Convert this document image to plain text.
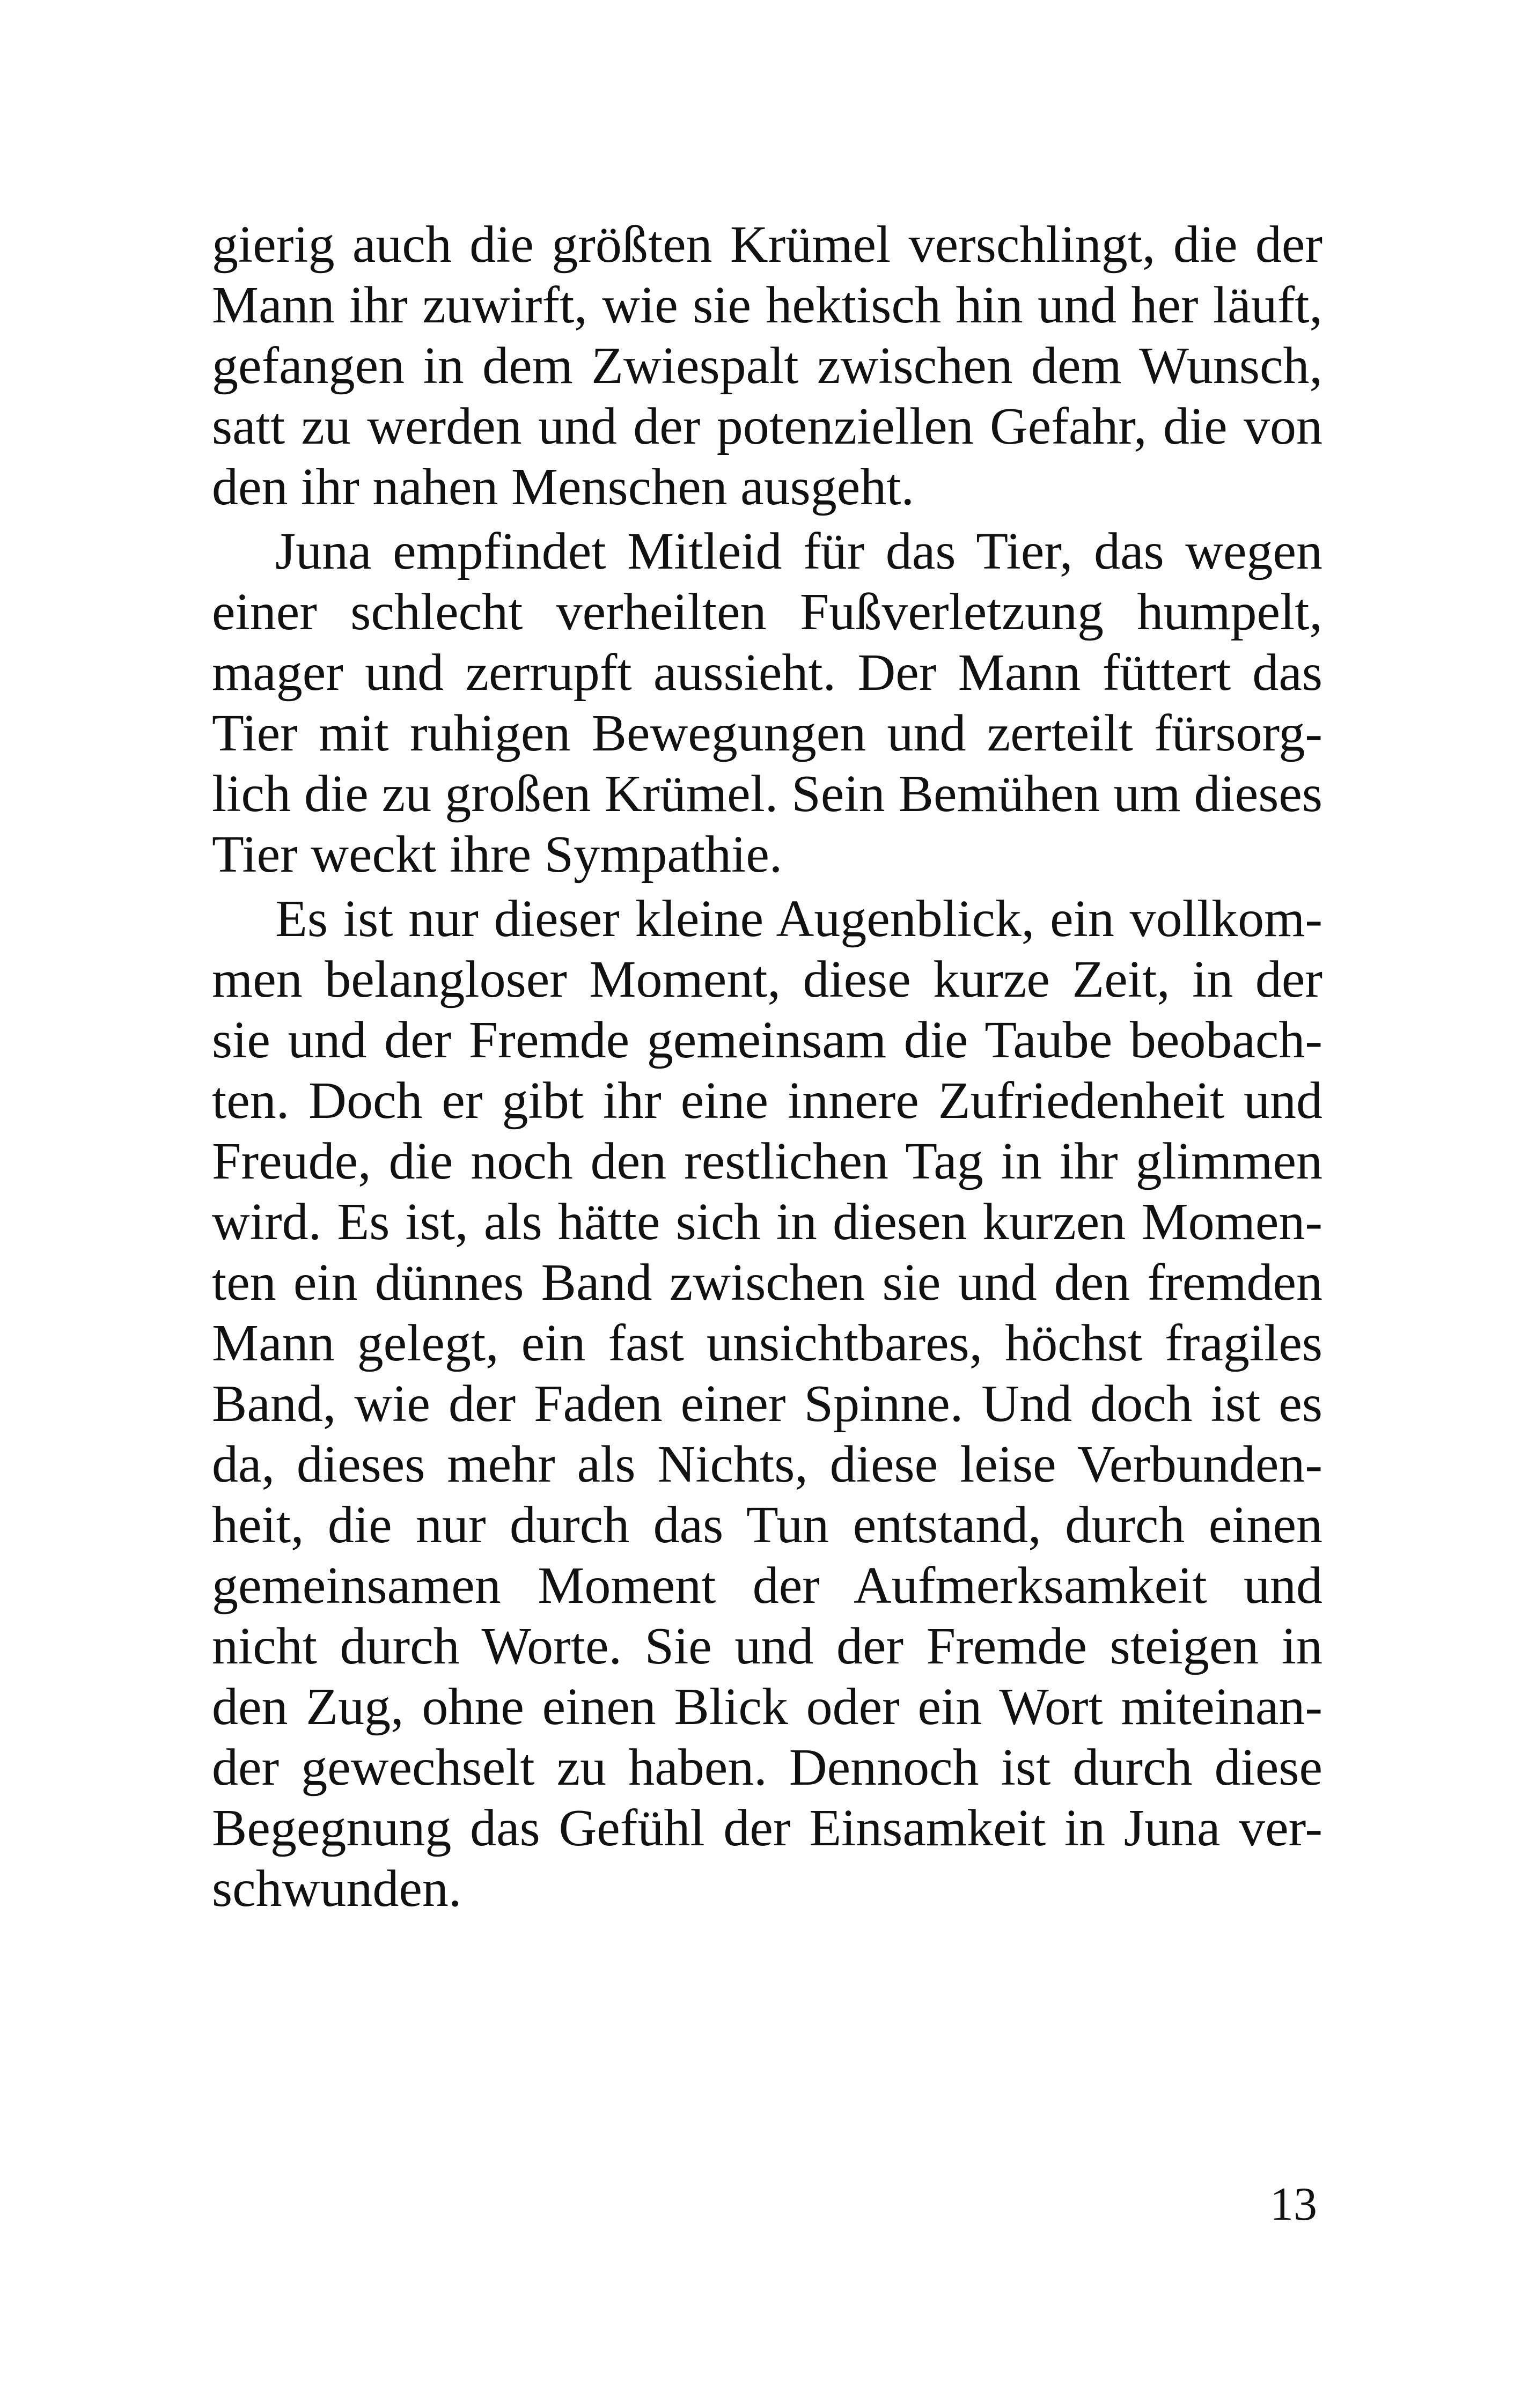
gierig auch die größten Krümel verschlingt, die der
Mann ihr zuwirft, wie sie hektisch hin und her läuft,
gefangen in dem Zwiespalt zwischen dem Wunsch,
satt zu werden und der potenziellen Gefahr, die von
den ihr nahen Menschen ausgeht.
Juna empfindet Mitleid für das Tier, das wegen
einer schlecht verheilten Fußverletzung humpelt,
mager und zerrupft aussieht. Der Mann füttert das
Tier mit ruhigen Bewegungen und zerteilt fürsorg-
lich die zu großen Krümel. Sein Bemühen um dieses
Tier weckt ihre Sympathie.
Es ist nur dieser kleine Augenblick, ein vollkom-
men belangloser Moment, diese kurze Zeit, in der
sie und der Fremde gemeinsam die Taube beobach-
ten. Doch er gibt ihr eine innere Zufriedenheit und
Freude, die noch den restlichen Tag in ihr glimmen
wird. Es ist, als hätte sich in diesen kurzen Momen-
ten ein dünnes Band zwischen sie und den fremden
Mann gelegt, ein fast unsichtbares, höchst fragiles
Band, wie der Faden einer Spinne. Und doch ist es
da, dieses mehr als Nichts, diese leise Verbunden-
heit, die nur durch das Tun entstand, durch einen
gemeinsamen Moment der Aufmerksamkeit und
nicht durch Worte. Sie und der Fremde steigen in
den Zug, ohne einen Blick oder ein Wort miteinan-
der gewechselt zu haben. Dennoch ist durch diese
Begegnung das Gefühl der Einsamkeit in Juna ver-
schwunden.
13
